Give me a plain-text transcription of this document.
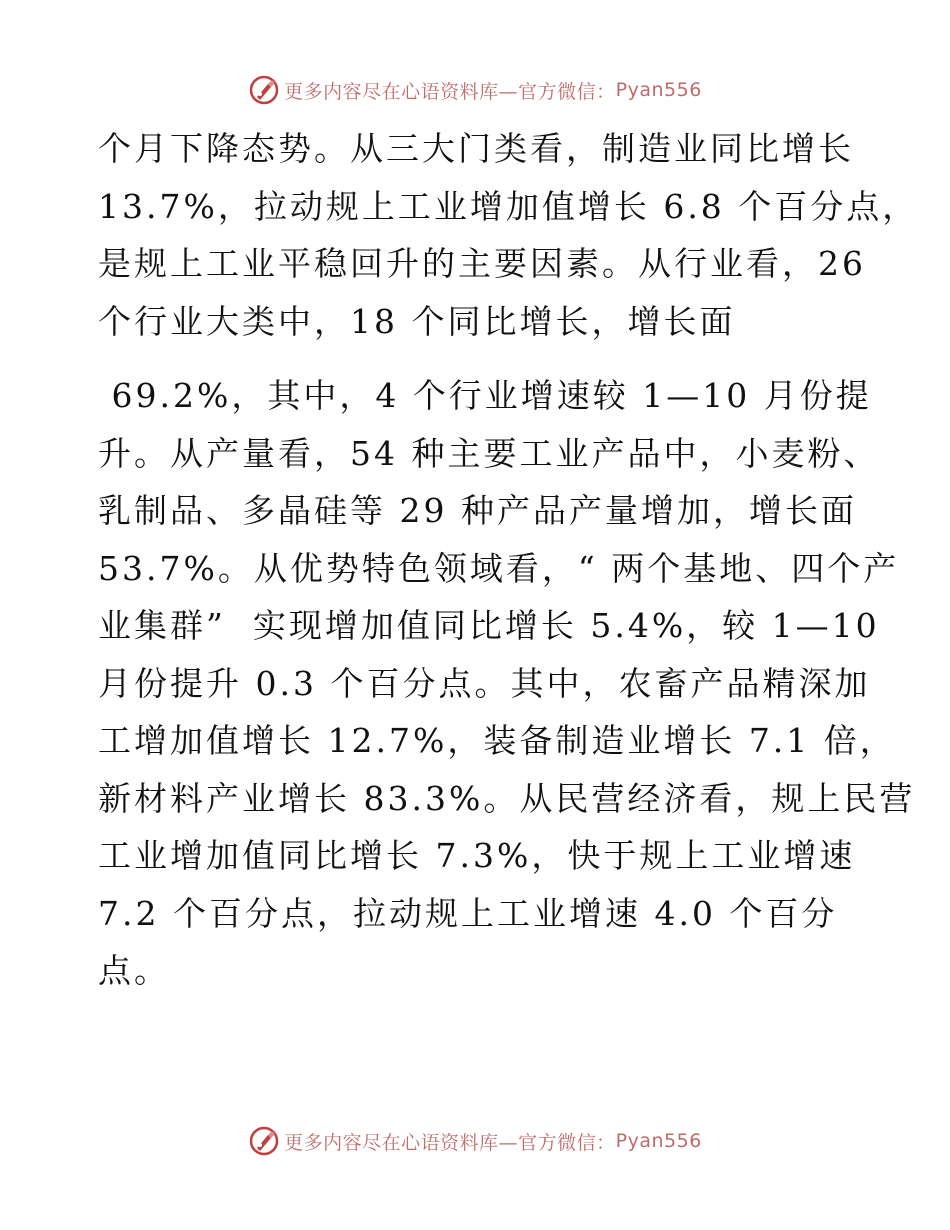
更多内容尽在心语资料库—官方微信： Pyan556
个月下降态势。从三大门类看，制造业同比增长
13.7%，拉动规上工业增加值增长 6.8 个百分点，
是规上工业平稳回升的主要因素。从行业看，26
个行业大类中，18 个同比增长，增长面
69.2%，其中，4 个行业增速较 1—10 月份提
升。从产量看，54 种主要工业产品中，小麦粉、
乳制品、多晶硅等 29 种产品产量增加，增长面
53.7%。从优势特色领域看，“ 两个基地、四个产
业集群”  实现增加值同比增长 5.4%，较 1—10
月份提升 0.3 个百分点。其中，农畜产品精深加
工增加值增长 12.7%，装备制造业增长 7.1 倍，
新材料产业增长 83.3%。从民营经济看，规上民营
工业增加值同比增长 7.3%，快于规上工业增速
7.2 个百分点，拉动规上工业增速 4.0 个百分
点。
更多内容尽在心语资料库—官方微信： Pyan556
